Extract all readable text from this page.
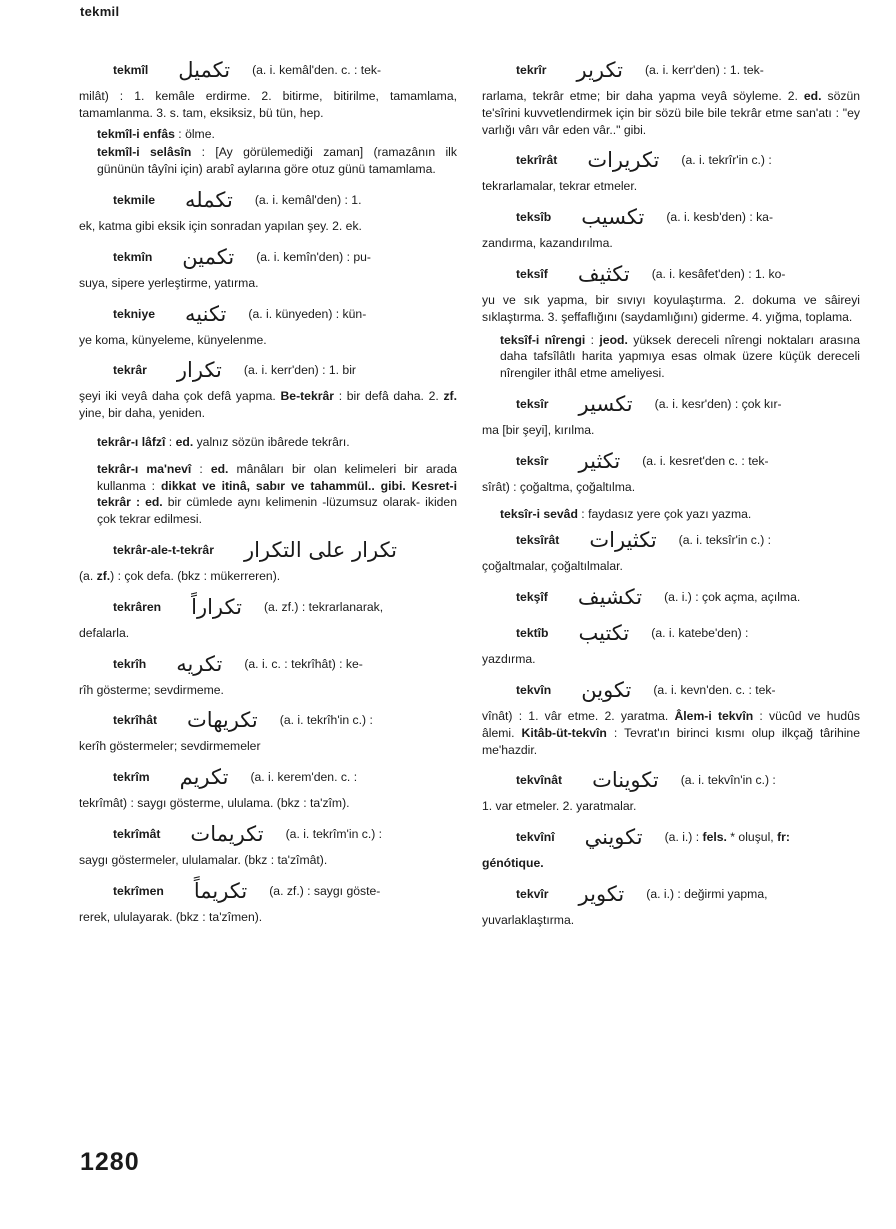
tekmil
tekmîl تكميل (a. i. kemâl'den. c. : tek-
milât) : 1. kemâle erdirme. 2. bitirme, bitirilme, tamamlama, tamamlanma. 3. s. tam, eksiksiz, bü tün, hep.
tekmîl-i enfâs : ölme.
tekmîl-i selâsîn : [Ay görülemediği zaman] (ramazânın ilk gününün tâyîni için) arabî aylarına göre otuz günü tamamlama.
tekmile تكمله (a. i. kemâl'den) : 1.
ek, katma gibi eksik için sonradan yapılan şey. 2. ek.
tekmîn تكمين (a. i. kemîn'den) : pu-
suya, sipere yerleştirme, yatırma.
tekniye تكنيه (a. i. künyeden) : kün-
ye koma, künyeleme, künyelenme.
tekrâr تكرار (a. i. kerr'den) : 1. bir
şeyi iki veyâ daha çok defâ yapma. Be-tekrâr : bir defâ daha. 2. zf. yine, bir daha, yeniden.
tekrâr-ı lâfzî : ed. yalnız sözün ibârede tekrârı.
tekrâr-ı ma'nevî : ed. mânâları bir olan kelimeleri bir arada kullanma : dikkat ve itinâ, sabır ve tahammül.. gibi. Kesret-i tekrâr : ed. bir cümlede aynı kelimenin -lüzumsuz olarak- ikiden çok tekrar edilmesi.
tekrâr-ale-t-tekrâr تكرار على التكرار
(a. zf.) : çok defa. (bkz : mükerreren).
tekrâren تكراراً (a. zf.) : tekrarlanarak,
defalarla.
tekrîh تكريه (a. i. c. : tekrîhât) : ke-
rîh gösterme; sevdirmeme.
tekrîhât تكريهات (a. i. tekrîh'in c.) :
kerîh göstermeler; sevdirmemeler
tekrîm تكريم (a. i. kerem'den. c. :
tekrîmât) : saygı gösterme, ululama. (bkz : ta'zîm).
tekrîmât تكريمات (a. i. tekrîm'in c.) :
saygı göstermeler, ululamalar. (bkz : ta'zîmât).
tekrîmen تكريماً (a. zf.) : saygı göste-
rerek, ululayarak. (bkz : ta'zîmen).
tekrîr تكرير (a. i. kerr'den) : 1. tek-
rarlama, tekrâr etme; bir daha yapma veyâ söyleme. 2. ed. sözün te'sîrini kuvvetlendirmek için bir sözü bile bile tekrâr etme san'atı : "ey varlığı vârı vâr eden vâr.." gibi.
tekrîrât تكريرات (a. i. tekrîr'in c.) :
tekrarlamalar, tekrar etmeler.
teksîb تكسيب (a. i. kesb'den) : ka-
zandırma, kazandırılma.
teksîf تكثيف (a. i. kesâfet'den) : 1. ko-
yu ve sık yapma, bir sıvıyı koyulaştırma. 2. dokuma ve sâireyi sıklaştırma. 3. şeffaflığını (saydamlığını) giderme. 4. yığma, toplama.
teksîf-i nîrengi : jeod. yüksek dereceli nîrengi noktaları arasına daha tafsîlâtlı harita yapmıya esas olmak üzere küçük dereceli nîrengiler ithâl etme ameliyesi.
teksîr تكسير (a. i. kesr'den) : çok kır-
ma [bir şeyi], kırılma.
teksîr تكثير (a. i. kesret'den c. : tek-
sîrât) : çoğaltma, çoğaltılma.
teksîr-i sevâd : faydasız yere çok yazı yazma.
teksîrât تكثيرات (a. i. teksîr'in c.) :
çoğaltmalar, çoğaltılmalar.
tekşîf تكشيف (a. i.) : çok açma, açılma.
tektîb تكتيب (a. i. katebe'den) :
yazdırma.
tekvîn تكوين (a. i. kevn'den. c. : tek-
vînât) : 1. vâr etme. 2. yaratma. Âlem-i tekvîn : vücûd ve hudûs âlemi. Kitâb-üt-tekvîn : Tevrat'ın birinci kısmı olup ilkçağ târihine me'hazdir.
tekvînât تكوينات (a. i. tekvîn'in c.) :
1. var etmeler. 2. yaratmalar.
tekvînî تكويني (a. i.) : fels. * oluşul, fr:
génótique.
tekvîr تكوير (a. i.) : değirmi yapma,
yuvarlaklaştırma.
1280
